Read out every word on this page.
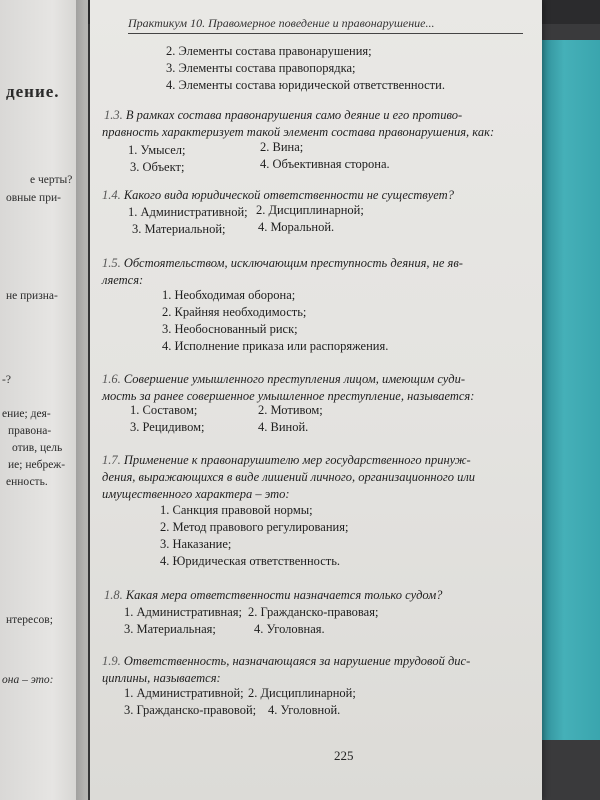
дение.
е черты?
овные при-
не призна-
-?
ение; дея-
правона-
отив, цель
ие; небреж-
енность.
нтересов;
она – это:
Практикум 10. Правомерное поведение и правонарушение...
2. Элементы состава правонарушения;
3. Элементы состава правопорядка;
4. Элементы состава юридической ответственности.
1.3. В рамках состава правонарушения само деяние и его противо-
правность характеризует такой элемент состава правонарушения, как:
1. Умысел;	2. Вина;
3. Объект;	4. Объективная сторона.
1.4. Какого вида юридической ответственности не существует?
1. Административной; 2. Дисциплинарной;
3. Материальной;	4. Моральной.
1.5. Обстоятельством, исключающим преступность деяния, не яв-
ляется:
1. Необходимая оборона;
2. Крайняя необходимость;
3. Необоснованный риск;
4. Исполнение приказа или распоряжения.
1.6. Совершение умышленного преступления лицом, имеющим суди-
мость за ранее совершенное умышленное преступление, называется:
1. Составом;	2. Мотивом;
3. Рецидивом;	4. Виной.
1.7. Применение к правонарушителю мер государственного принуж-
дения, выражающихся в виде лишений личного, организационного или
имущественного характера – это:
1. Санкция правовой нормы;
2. Метод правового регулирования;
3. Наказание;
4. Юридическая ответственность.
1.8. Какая мера ответственности назначается только судом?
1. Административная; 2. Гражданско-правовая;
3. Материальная;	4. Уголовная.
1.9. Ответственность, назначающаяся за нарушение трудовой дис-
циплины, называется:
1. Административной; 2. Дисциплинарной;
3. Гражданско-правовой; 4. Уголовной.
225
